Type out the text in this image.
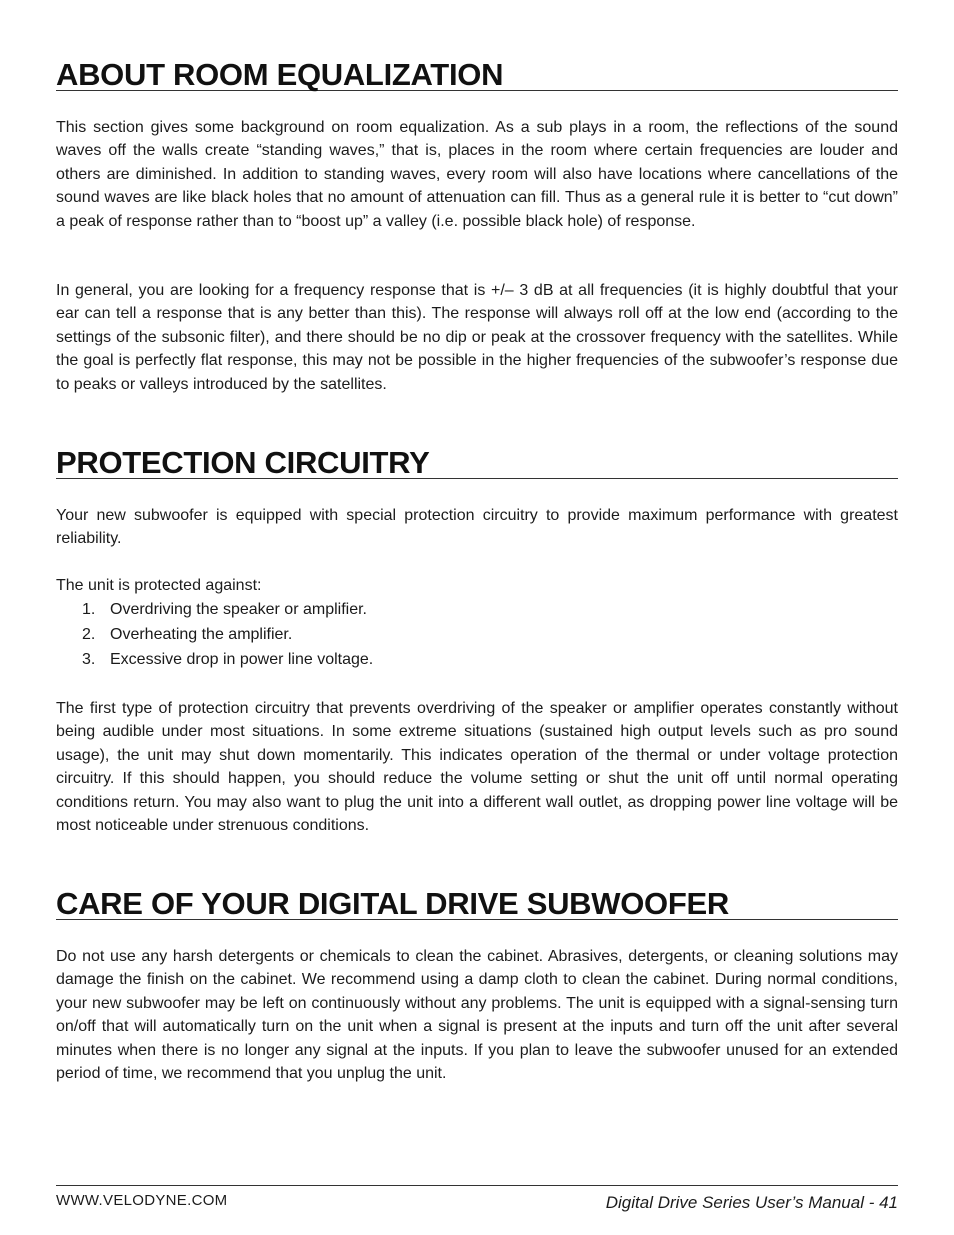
ABOUT ROOM EQUALIZATION

This section gives some background on room equalization. As a sub plays in a room, the reflections of the sound waves off the walls create “standing waves,” that is, places in the room where certain frequencies are louder and others are diminished. In addition to standing waves, every room will also have locations where cancellations of the sound waves are like black holes that no amount of attenuation can fill. Thus as a general rule it is better to “cut down” a peak of response rather than to “boost up” a valley (i.e. possible black hole) of response.

In general, you are looking for a frequency response that is +/– 3 dB at all frequencies (it is highly doubtful that your ear can tell a response that is any better than this). The response will always roll off at the low end (according to the settings of the subsonic filter), and there should be no dip or peak at the crossover frequency with the satellites. While the goal is perfectly flat response, this may not be possible in the higher frequencies of the subwoofer’s response due to peaks or valleys introduced by the satellites.

PROTECTION CIRCUITRY

Your new subwoofer is equipped with special protection circuitry to provide maximum performance with greatest reliability.

The unit is protected against:

1. Overdriving the speaker or amplifier.
2. Overheating the amplifier.
3. Excessive drop in power line voltage.

The first type of protection circuitry that prevents overdriving of the speaker or amplifier operates constantly without being audible under most situations. In some extreme situations (sustained high output levels such as pro sound usage), the unit may shut down momentarily. This indicates operation of the thermal or under voltage protection circuitry. If this should happen, you should reduce the volume setting or shut the unit off until normal operating conditions return. You may also want to plug the unit into a different wall outlet, as dropping power line voltage will be most noticeable under strenuous conditions.

CARE OF YOUR DIGITAL DRIVE SUBWOOFER

Do not use any harsh detergents or chemicals to clean the cabinet. Abrasives, detergents, or cleaning solutions may damage the finish on the cabinet. We recommend using a damp cloth to clean the cabinet. During normal conditions, your new subwoofer may be left on continuously without any problems. The unit is equipped with a signal-sensing turn on/off that will automatically turn on the unit when a signal is present at the inputs and turn off the unit after several minutes when there is no longer any signal at the inputs. If you plan to leave the subwoofer unused for an extended period of time, we recommend that you unplug the unit.

WWW.VELODYNE.COM	Digital Drive Series User’s Manual - 41
